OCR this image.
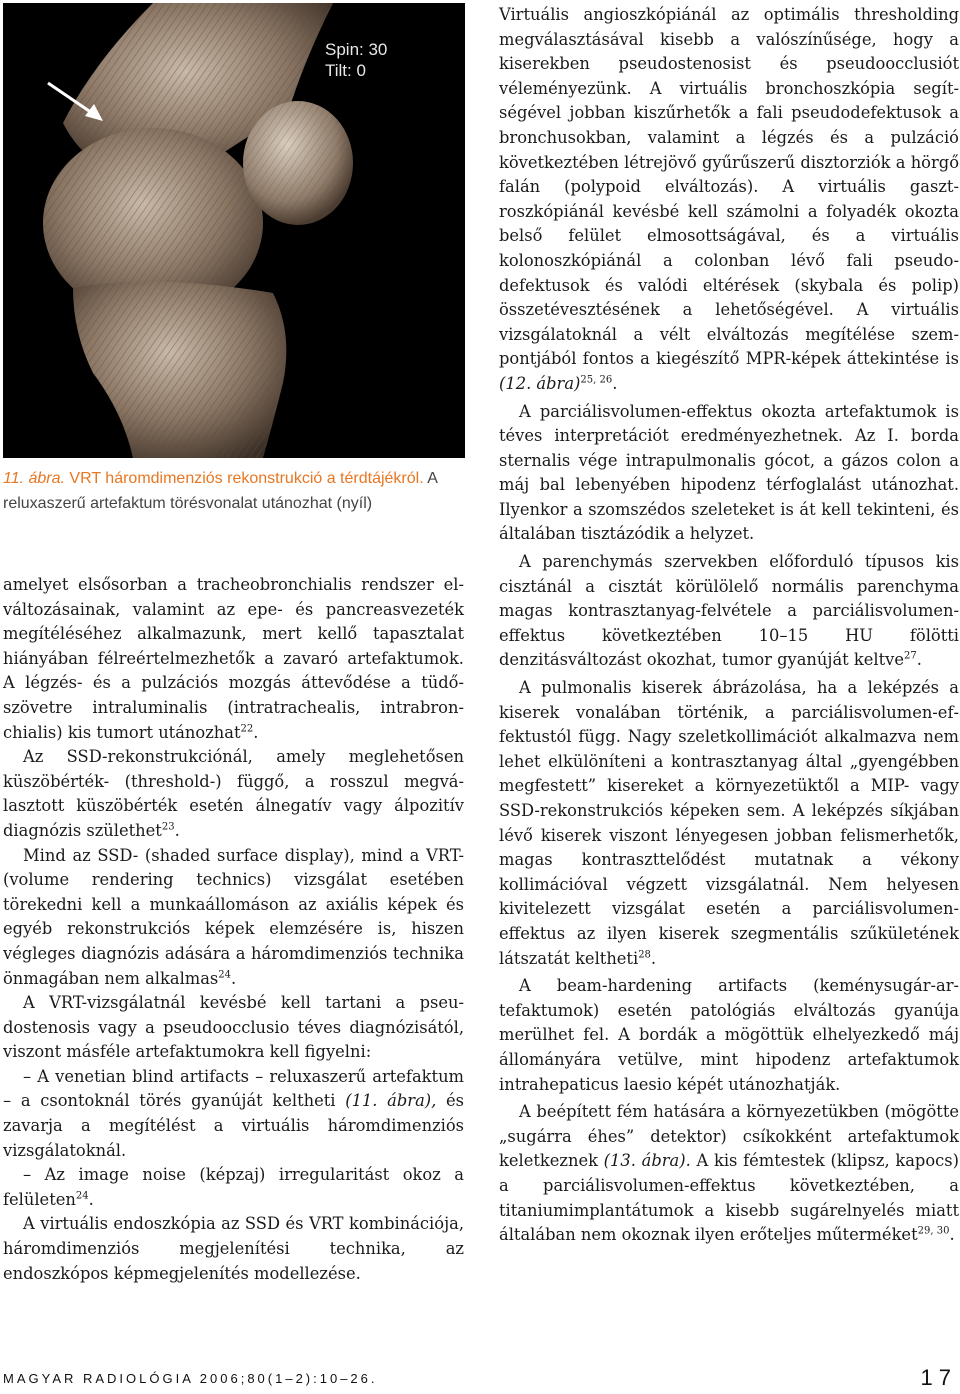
Spin: 30
Tilt: 0
11. ábra. VRT háromdimenziós rekonstrukció a térdtájékról. A reluxaszerű artefaktum törésvonalat utánozhat (nyíl)

amelyet elsősorban a tracheobronchialis rendszer elváltozásainak, valamint az epe- és pancreasvezeték megítéléséhez alkalmazunk, mert kellő tapasztalat hiányában félreértelmezhetők a zavaró artefaktumok. A légzés- és a pulzációs mozgás áttevődése a tüdőszövetre intraluminalis (intratrachealis, intrabronchialis) kis tumort utánozhat$^{22}$.

Az SSD-rekonstrukciónál, amely meglehetősen küszöbérték- (threshold-) függő, a rosszul megválasztott küszöbérték esetén álnegatív vagy álpozitív diagnózis születhet$^{23}$.

Mind az SSD- (shaded surface display), mind a VRT- (volume rendering technics) vizsgálat esetében törekedni kell a munkaállomáson az axiális képek és egyéb rekonstrukciós képek elemzésére is, hiszen végleges diagnózis adására a háromdimenziós technika önmagában nem alkalmas$^{24}$.

A VRT-vizsgálatnál kevésbé kell tartani a pseudostenosis vagy a pseudoocclusio téves diagnózisától, viszont másféle artefaktumokra kell figyelni:

– A venetian blind artifacts – reluxaszerű artefaktum – a csontoknál törés gyanúját keltheti (11. ábra), és zavarja a megítélést a virtuális háromdimenziós vizsgálatoknál.

– Az image noise (képzaj) irregularitást okoz a felületen$^{24}$.

A virtuális endoszkópia az SSD és VRT kombinációja, háromdimenziós megjelenítési technika, az endoszkópos képmegjelenítés modellezése.

Virtuális angioszkópiánál az optimális thresholding megválasztásával kisebb a valószínűsége, hogy a kiserekben pseudostenosist és pseudoocclusiót véleményezünk. A virtuális bronchoszkópia segítségével jobban kiszűrhetők a fali pseudodefektusok a bronchusokban, valamint a légzés és a pulzáció következtében létrejövő gyűrűszerű disztorziók a hörgő falán (polypoid elváltozás). A virtuális gasztroszkópiánál kevésbé kell számolni a folyadék okozta belső felület elmosottságával, és a virtuális kolonoszkópiánál a colonban lévő fali pseudodefektusok és valódi eltérések (skybala és polip) összetévesztésének a lehetőségével. A virtuális vizsgálatoknál a vélt elváltozás megítélése szempontjából fontos a kiegészítő MPR-képek áttekintése is (12. ábra)$^{25, 26}$.

A parciálisvolumen-effektus okozta artefaktumok is téves interpretációt eredményezhetnek. Az I. borda sternalis vége intrapulmonalis gócot, a gázos colon a máj bal lebenyében hipodenz térfoglalást utánozhat. Ilyenkor a szomszédos szeleteket is át kell tekinteni, és általában tisztázódik a helyzet.

A parenchymás szervekben előforduló típusos kis cisztánál a cisztát körülölelő normális parenchyma magas kontrasztanyag-felvétele a parciálisvolumen-effektus következtében 10–15 HU fölötti denzitásváltozást okozhat, tumor gyanúját keltve$^{27}$.

A pulmonalis kiserek ábrázolása, ha a leképzés a kiserek vonalában történik, a parciálisvolumen-effektustól függ. Nagy szeletkollimációt alkalmazva nem lehet elkülöníteni a kontrasztanyag által „gyengébben megfestett” kisereket a környezetüktől a MIP- vagy SSD-rekonstrukciós képeken sem. A leképzés síkjában lévő kiserek viszont lényegesen jobban felismerhetők, magas kontraszttelődést mutatnak a vékony kollimációval végzett vizsgálatnál. Nem helyesen kivitelezett vizsgálat esetén a parciálisvolumen-effektus az ilyen kiserek szegmentális szűkületének látszatát keltheti$^{28}$.

A beam-hardening artifacts (keménysugár-artefaktumok) esetén patológiás elváltozás gyanúja merülhet fel. A bordák a mögöttük elhelyezkedő máj állományára vetülve, mint hipodenz artefaktumok intrahepaticus laesio képét utánozhatják.

A beépített fém hatására a környezetükben (mögötte „sugárra éhes” detektor) csíkokként artefaktumok keletkeznek (13. ábra). A kis fémtestek (klipsz, kapocs) a parciálisvolumen-effektus következtében, a titaniumimplantátumok a kisebb sugárelnyelés miatt általában nem okoznak ilyen erőteljes műterméket$^{29, 30}$.

MAGYAR RADIOLÓGIA 2006;80(1–2):10–26.	17
